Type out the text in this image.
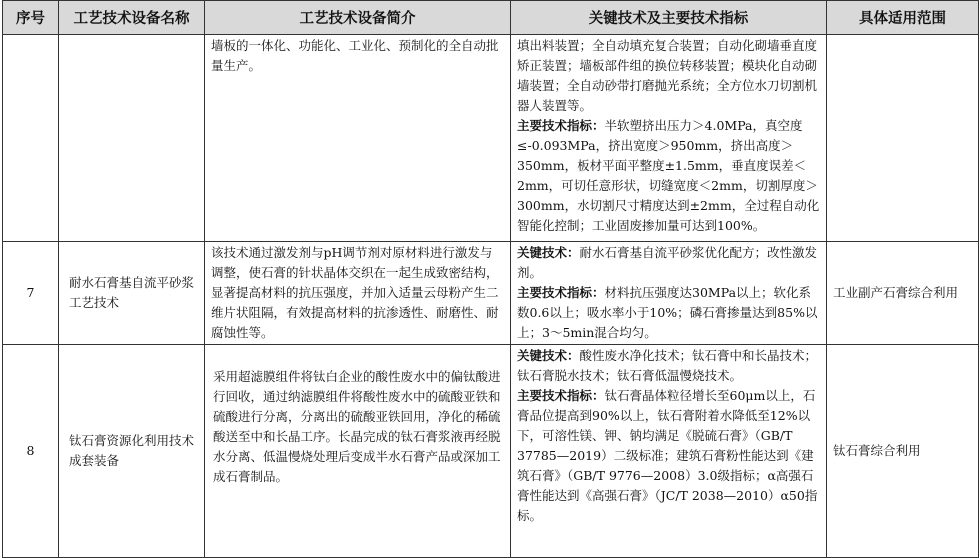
序号	工艺技术设备名称	工艺技术设备简介	关键技术及主要技术指标	具体适用范围
		墙板的一体化、功能化、工业化、预制化的全自动批量生产。	填出料装置；全自动填充复合装置；自动化砌墙垂直度矫正装置；墙板部件组的换位转移装置；模块化自动砌墙装置；全自动砂带打磨抛光系统；全方位水刀切割机器人装置等。

主要技术指标：半软塑挤出压力＞4.0MPa，真空度≤-0.093MPa，挤出宽度＞950mm，挤出高度＞350mm，板材平面平整度±1.5mm，垂直度误差＜2mm，可切任意形状，切缝宽度＜2mm，切割厚度＞300mm，水切割尺寸精度达到±2mm，全过程自动化智能化控制；工业固废掺加量可达到100%。	

7	耐水石膏基自流平砂浆工艺技术	该技术通过激发剂与pH调节剂对原材料进行激发与调整，使石膏的针状晶体交织在一起生成致密结构，显著提高材料的抗压强度，并加入适量云母粉产生二维片状阻隔，有效提高材料的抗渗透性、耐磨性、耐腐蚀性等。	关键技术：耐水石膏基自流平砂浆优化配方；改性激发剂。

主要技术指标：材料抗压强度达30MPa以上；软化系数0.6以上；吸水率小于10%；磷石膏掺量达到85%以上；3～5min混合均匀。	工业副产石膏综合利用
8	钛石膏资源化利用技术成套装备	采用超滤膜组件将钛白企业的酸性废水中的偏钛酸进行回收，通过纳滤膜组件将酸性废水中的硫酸亚铁和硫酸进行分离，分离出的硫酸亚铁回用，净化的稀硫酸送至中和长晶工序。长晶完成的钛石膏浆液再经脱水分离、低温慢烧处理后变成半水石膏产品或深加工成石膏制品。	关键技术：酸性废水净化技术；钛石膏中和长晶技术；钛石膏脱水技术；钛石膏低温慢烧技术。

主要技术指标：钛石膏晶体粒径增长至60μm以上，石膏品位提高到90%以上，钛石膏附着水降低至12%以下，可溶性镁、钾、钠均满足《脱硫石膏》（GB/T 37785—2019）二级标准；建筑石膏粉性能达到《建筑石膏》（GB/T 9776—2008）3.0级指标；α高强石膏性能达到《高强石膏》（JC/T 2038—2010）α50指标。	钛石膏综合利用
